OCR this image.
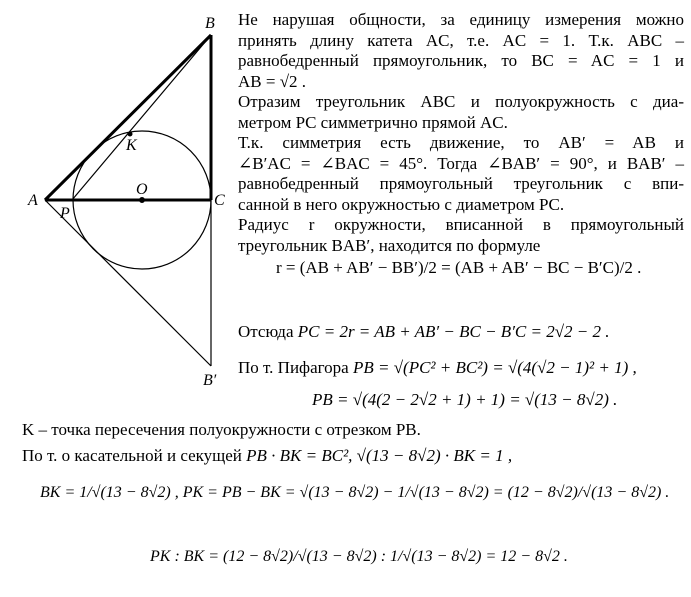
B
A	C
O
K
P
B′
Не нарушая общности, за единицу измерения можно
принять длину катета AC, т.е. AC = 1. Т.к. ABC –
равнобедренный прямоугольник, то BC = AC = 1 и
AB = √2 .
Отразим треугольник ABC и полуокружность с диа-
метром PC симметрично прямой AC.
Т.к. симметрия есть движение, то AB′ = AB и
∠B′AC = ∠BAC = 45°. Тогда ∠BAB′ = 90°, и BAB′ –
равнобедренный прямоугольный треугольник с впи-
санной в него окружностью с диаметром PC.
Радиус r окружности, вписанной в прямоугольный
треугольник BAB′, находится по формуле
r = (AB + AB′ − BB′)/2 = (AB + AB′ − BC − B′C)/2 .
Отсюда PC = 2r = AB + AB′ − BC − B′C = 2√2 − 2 .
По т. Пифагора PB = √(PC² + BC²) = √(4(√2 − 1)² + 1) ,
PB = √(4(2 − 2√2 + 1) + 1) = √(13 − 8√2) .
K – точка пересечения полуокружности с отрезком PB.
По т. о касательной и секущей PB · BK = BC², √(13 − 8√2) · BK = 1 ,
BK = 1/√(13 − 8√2) , PK = PB − BK = √(13 − 8√2) − 1/√(13 − 8√2) = (12 − 8√2)/√(13 − 8√2) .
PK : BK = (12 − 8√2)/√(13 − 8√2) : 1/√(13 − 8√2) = 12 − 8√2 .
